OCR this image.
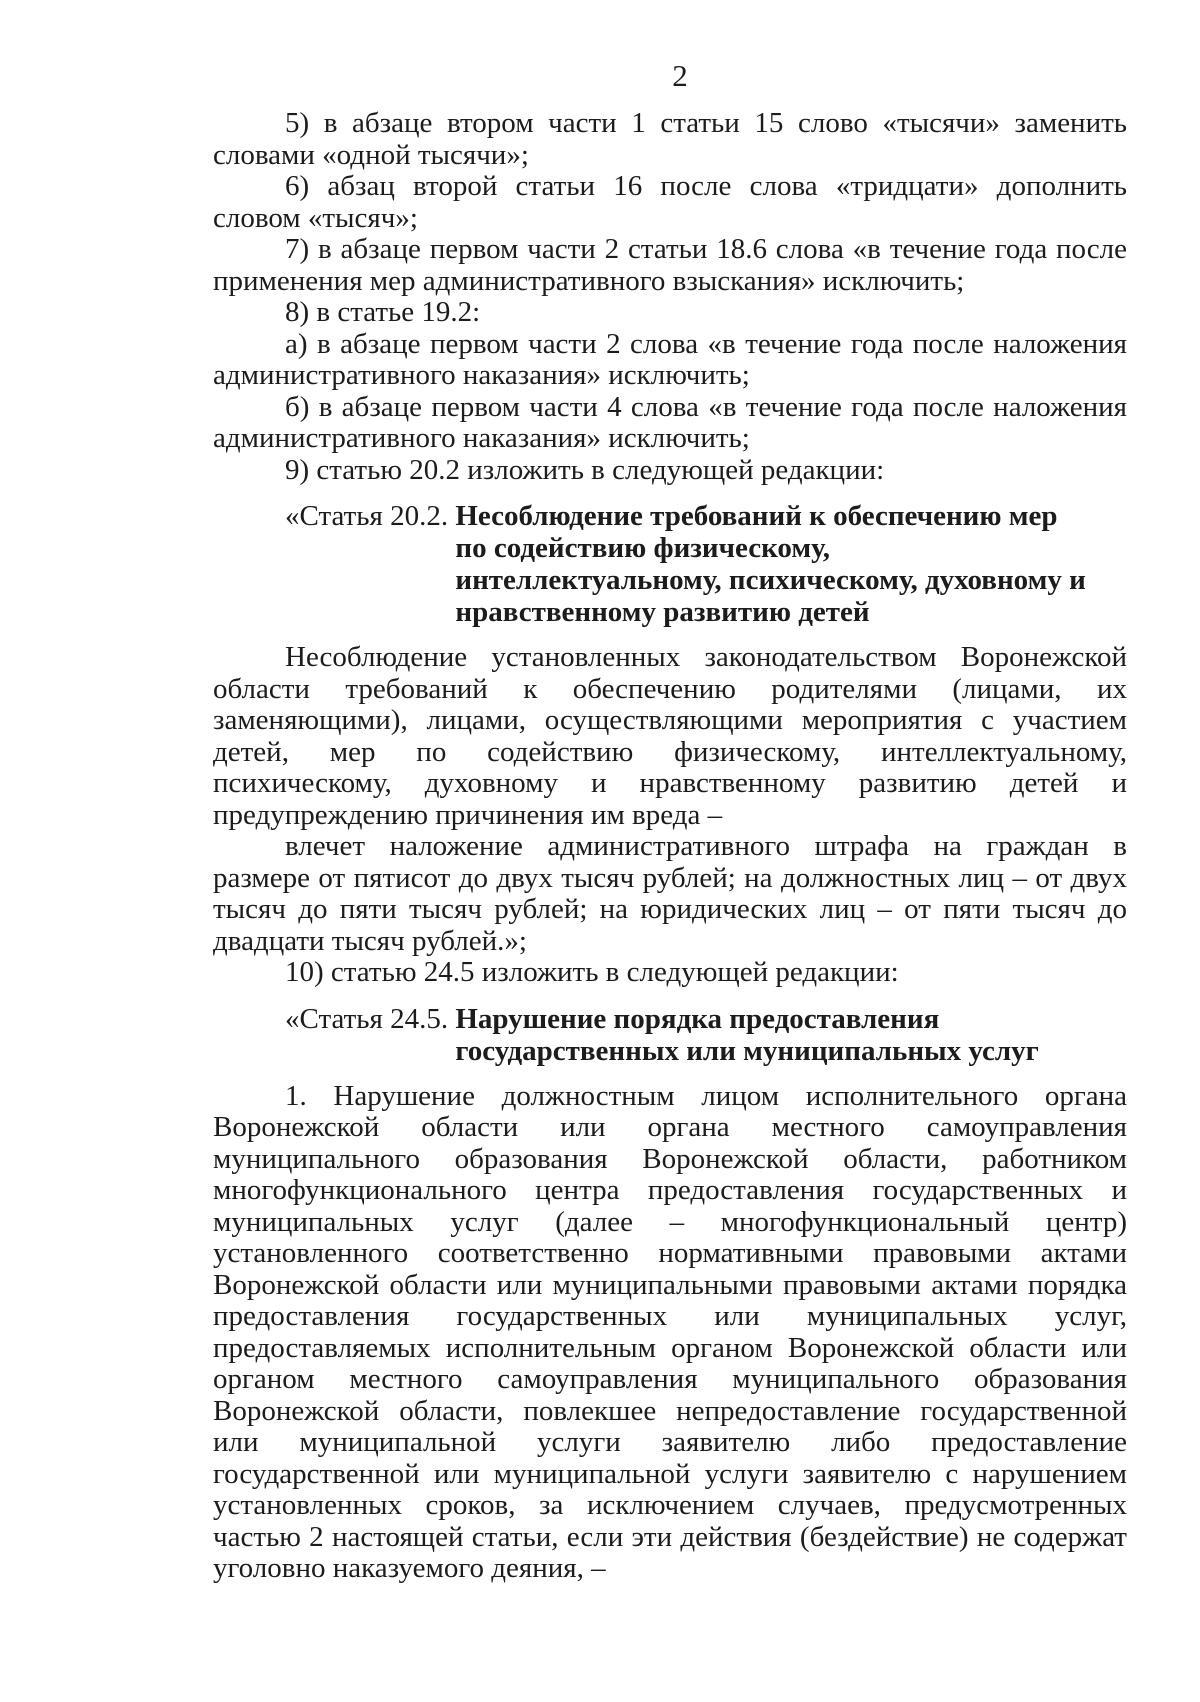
2

5) в абзаце втором части 1 статьи 15 слово «тысячи» заменить словами «одной тысячи»;

6) абзац второй статьи 16 после слова «тридцати» дополнить словом «тысяч»;

7) в абзаце первом части 2 статьи 18.6 слова «в течение года после применения мер административного взыскания» исключить;

8) в статье 19.2:

а) в абзаце первом части 2 слова «в течение года после наложения административного наказания» исключить;

б) в абзаце первом части 4 слова «в течение года после наложения административного наказания» исключить;

9) статью 20.2 изложить в следующей редакции:

«Статья 20.2. Несоблюдение требований к обеспечению мер по содействию физическому, интеллектуальному, психическому, духовному и нравственному развитию детей

Несоблюдение установленных законодательством Воронежской области требований к обеспечению родителями (лицами, их заменяющими), лицами, осуществляющими мероприятия с участием детей, мер по содействию физическому, интеллектуальному, психическому, духовному и нравственному развитию детей и предупреждению причинения им вреда –

влечет наложение административного штрафа на граждан в размере от пятисот до двух тысяч рублей; на должностных лиц – от двух тысяч до пяти тысяч рублей; на юридических лиц – от пяти тысяч до двадцати тысяч рублей.»;

10) статью 24.5 изложить в следующей редакции:

«Статья 24.5. Нарушение порядка предоставления государственных или муниципальных услуг

1. Нарушение должностным лицом исполнительного органа Воронежской области или органа местного самоуправления муниципального образования Воронежской области, работником многофункционального центра предоставления государственных и муниципальных услуг (далее – многофункциональный центр) установленного соответственно нормативными правовыми актами Воронежской области или муниципальными правовыми актами порядка предоставления государственных или муниципальных услуг, предоставляемых исполнительным органом Воронежской области или органом местного самоуправления муниципального образования Воронежской области, повлекшее непредоставление государственной или муниципальной услуги заявителю либо предоставление государственной или муниципальной услуги заявителю с нарушением установленных сроков, за исключением случаев, предусмотренных частью 2 настоящей статьи, если эти действия (бездействие) не содержат уголовно наказуемого деяния, –
